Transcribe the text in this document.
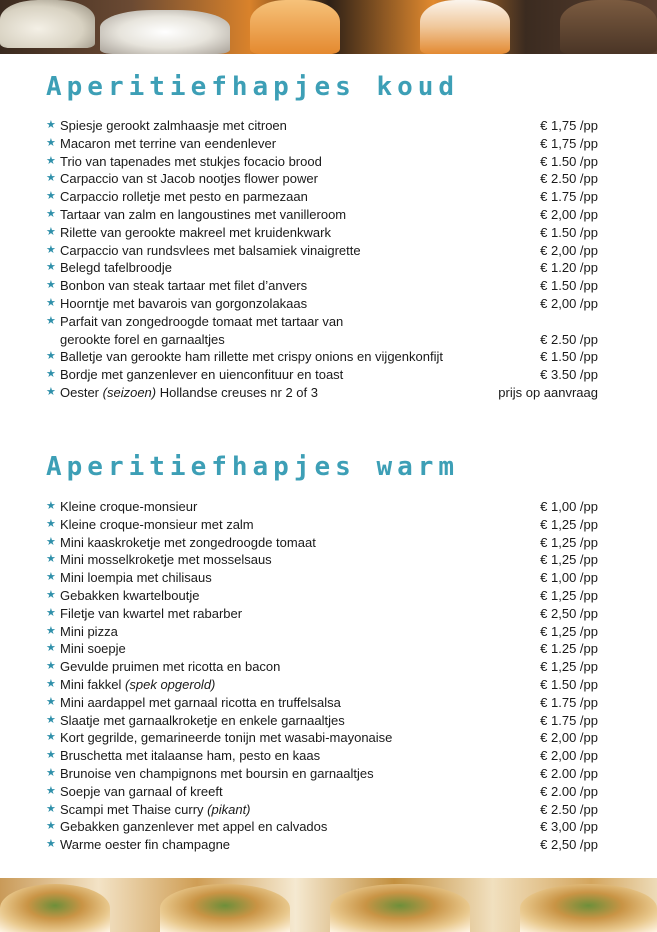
Aperitiefhapjes koud
★ Spiesje gerookt zalmhaasje met citroen	€ 1,75 /pp
★ Macaron met terrine van eendenlever	€ 1,75 /pp
★ Trio van tapenades met stukjes focacio brood	€ 1.50 /pp
★ Carpaccio van st Jacob nootjes flower power	€ 2.50 /pp
★ Carpaccio rolletje met pesto en parmezaan	€ 1.75 /pp
★ Tartaar van zalm en langoustines met vanilleroom	€ 2,00 /pp
★ Rilette van gerookte makreel met kruidenkwark	€ 1.50 /pp
★ Carpaccio van rundsvlees met balsamiek vinaigrette	€ 2,00 /pp
★ Belegd tafelbroodje	€ 1.20 /pp
★ Bonbon van steak tartaar met filet d’anvers	€ 1.50 /pp
★ Hoorntje met bavarois van gorgonzolakaas	€ 2,00 /pp
★ Parfait van zongedroogde tomaat met tartaar van
gerookte forel en garnaaltjes	€ 2.50 /pp
★ Balletje van gerookte ham rillette met crispy onions en vijgenkonfijt	€ 1.50 /pp
★ Bordje met ganzenlever en uienconfituur en toast	€ 3.50 /pp
★ Oester (seizoen) Hollandse creuses nr 2 of 3	prijs op aanvraag
Aperitiefhapjes warm
★ Kleine croque-monsieur	€ 1,00 /pp
★ Kleine croque-monsieur met zalm	€ 1,25 /pp
★ Mini kaaskroketje met zongedroogde tomaat	€ 1,25 /pp
★ Mini mosselkroketje met mosselsaus	€ 1,25 /pp
★ Mini loempia met chilisaus	€ 1,00 /pp
★ Gebakken kwartelboutje	€ 1,25 /pp
★ Filetje van kwartel met rabarber	€ 2,50 /pp
★ Mini pizza	€ 1,25 /pp
★ Mini soepje	€ 1.25 /pp
★ Gevulde pruimen met ricotta en bacon	€ 1,25 /pp
★ Mini fakkel (spek opgerold)	€ 1.50 /pp
★ Mini aardappel met garnaal ricotta en truffelsalsa	€ 1.75 /pp
★ Slaatje met garnaalkroketje en enkele garnaaltjes	€ 1.75 /pp
★ Kort gegrilde, gemarineerde tonijn met wasabi-mayonaise	€ 2,00 /pp
★ Bruschetta met italaanse ham, pesto en kaas	€ 2,00 /pp
★ Brunoise ven champignons met boursin en garnaaltjes	€ 2.00 /pp
★ Soepje van garnaal of kreeft	€ 2.00 /pp
★ Scampi met Thaise curry (pikant)	€ 2.50 /pp
★ Gebakken ganzenlever met appel en calvados	€ 3,00 /pp
★ Warme oester fin champagne	€ 2,50 /pp
